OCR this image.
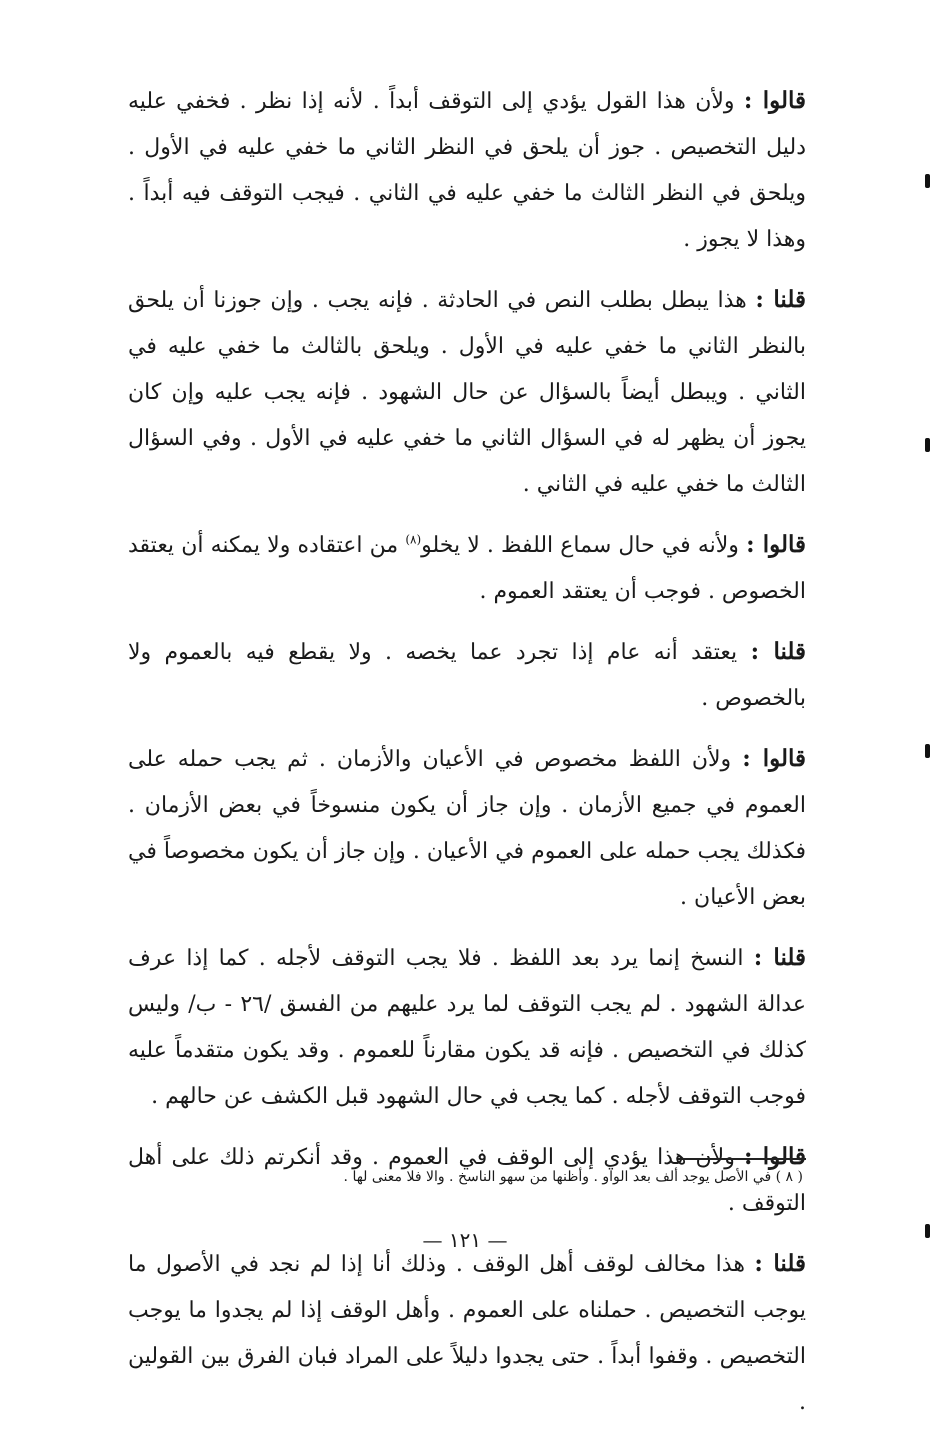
قالوا : ولأن هذا القول يؤدي إلى التوقف أبداً . لأنه إذا نظر . فخفي عليه دليل التخصيص . جوز أن يلحق في النظر الثاني ما خفي عليه في الأول . ويلحق في النظر الثالث ما خفي عليه في الثاني . فيجب التوقف فيه أبداً . وهذا لا يجوز .

قلنا : هذا يبطل بطلب النص في الحادثة . فإنه يجب . وإن جوزنا أن يلحق بالنظر الثاني ما خفي عليه في الأول . ويلحق بالثالث ما خفي عليه في الثاني . ويبطل أيضاً بالسؤال عن حال الشهود . فإنه يجب عليه وإن كان يجوز أن يظهر له في السؤال الثاني ما خفي عليه في الأول . وفي السؤال الثالث ما خفي عليه في الثاني .

قالوا : ولأنه في حال سماع اللفظ . لا يخلو$^{(٨)}$ من اعتقاده ولا يمكنه أن يعتقد الخصوص . فوجب أن يعتقد العموم .

قلنا : يعتقد أنه عام إذا تجرد عما يخصه . ولا يقطع فيه بالعموم ولا بالخصوص .

قالوا : ولأن اللفظ مخصوص في الأعيان والأزمان . ثم يجب حمله على العموم في جميع الأزمان . وإن جاز أن يكون منسوخاً في بعض الأزمان . فكذلك يجب حمله على العموم في الأعيان . وإن جاز أن يكون مخصوصاً في بعض الأعيان .

قلنا : النسخ إنما يرد بعد اللفظ . فلا يجب التوقف لأجله . كما إذا عرف عدالة الشهود . لم يجب التوقف لما يرد عليهم من الفسق /٢٦ - ب/ وليس كذلك في التخصيص . فإنه قد يكون مقارناً للعموم . وقد يكون متقدماً عليه فوجب التوقف لأجله . كما يجب في حال الشهود قبل الكشف عن حالهم .

قالوا : ولأن هذا يؤدي إلى الوقف في العموم . وقد أنكرتم ذلك على أهل التوقف .

قلنا : هذا مخالف لوقف أهل الوقف . وذلك أنا إذا لم نجد في الأصول ما يوجب التخصيص . حملناه على العموم . وأهل الوقف إذا لم يجدوا ما يوجب التخصيص . وقفوا أبداً . حتى يجدوا دليلاً على المراد فبان الفرق بين القولين .

( ٨ ) في الأصل يوجد ألف بعد الواو . وأظنها من سهو الناسخ . والا فلا معنى لها .
— ١٢١ —
